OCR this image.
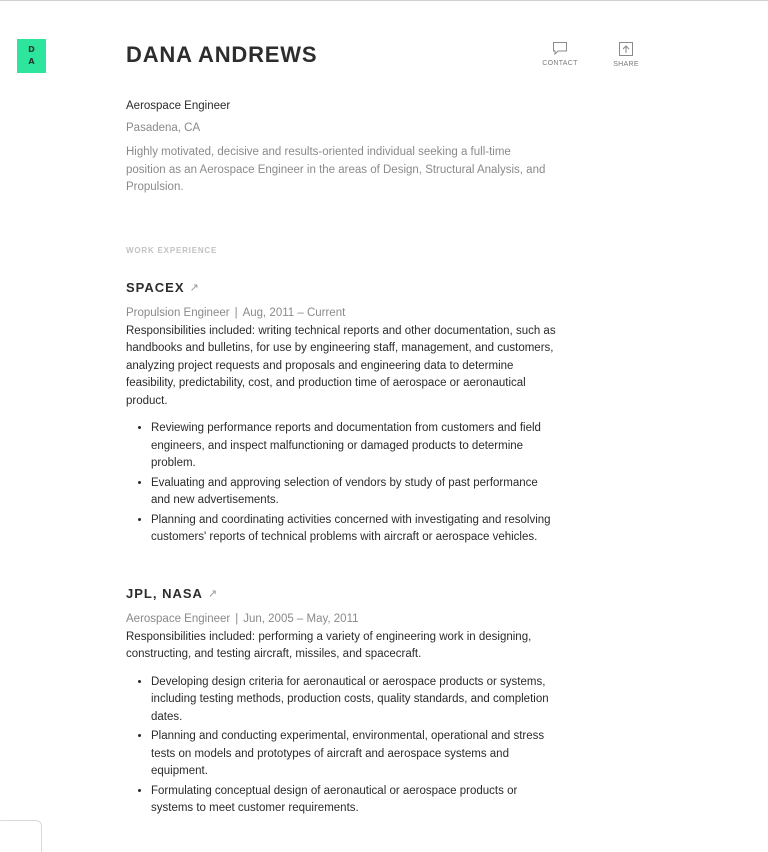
D
A	DANA ANDREWS	CONTACT	SHARE
Aerospace Engineer
Pasadena, CA
Highly motivated, decisive and results-oriented individual seeking a full-time position as an Aerospace Engineer in the areas of Design, Structural Analysis, and Propulsion.
WORK EXPERIENCE
SPACEX ↗
Propulsion Engineer | Aug, 2011 – Current
Responsibilities included: writing technical reports and other documentation, such as handbooks and bulletins, for use by engineering staff, management, and customers, analyzing project requests and proposals and engineering data to determine feasibility, predictability, cost, and production time of aerospace or aeronautical product.
• Reviewing performance reports and documentation from customers and field engineers, and inspect malfunctioning or damaged products to determine problem.
• Evaluating and approving selection of vendors by study of past performance and new advertisements.
• Planning and coordinating activities concerned with investigating and resolving customers' reports of technical problems with aircraft or aerospace vehicles.
JPL, NASA ↗
Aerospace Engineer | Jun, 2005 – May, 2011
Responsibilities included: performing a variety of engineering work in designing, constructing, and testing aircraft, missiles, and spacecraft.
• Developing design criteria for aeronautical or aerospace products or systems, including testing methods, production costs, quality standards, and completion dates.
• Planning and conducting experimental, environmental, operational and stress tests on models and prototypes of aircraft and aerospace systems and equipment.
• Formulating conceptual design of aeronautical or aerospace products or systems to meet customer requirements.
